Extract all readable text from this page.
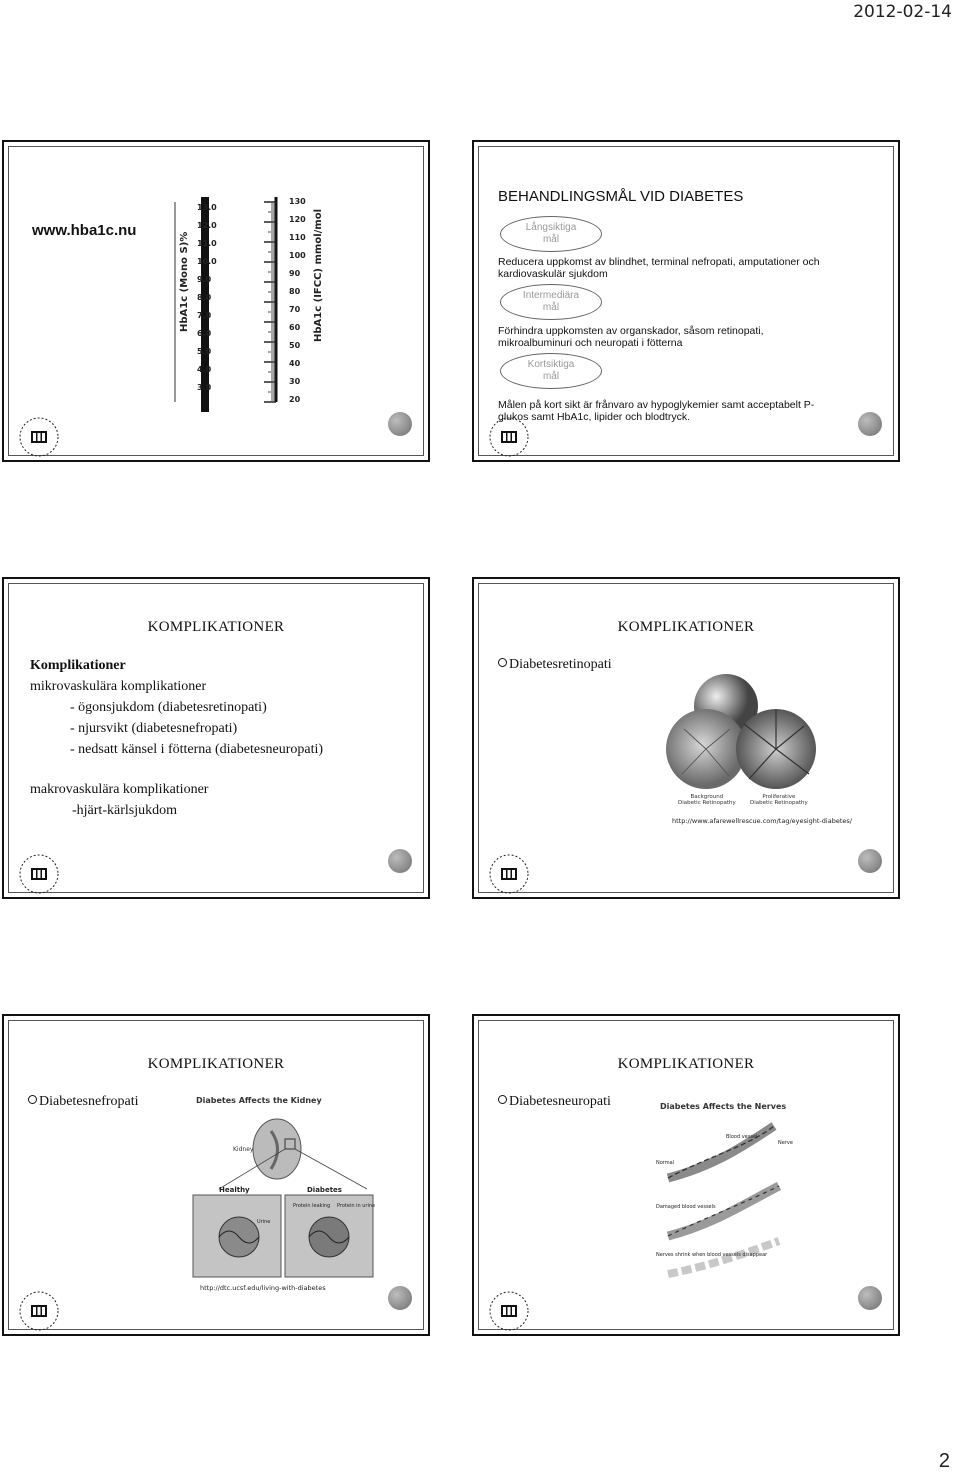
2012-02-14
www.hba1c.nu
13.0
12.0
11.0
10.0
9.0
8.0
7.0
6.0
5.0
4.0
3.0
130
120
110
100
90
80
70
60
50
40
30
20
HbA1c (Mono S)%	HbA1c (IFCC) mmol/mol
BEHANDLINGSMÅL VID DIABETES
Långsiktiga
mål
Reducera uppkomst av blindhet, terminal nefropati, amputationer och
kardiovaskulär sjukdom
Intermediära
mål
Förhindra uppkomsten av organskador, såsom retinopati,
mikroalbuminuri och neuropati i fötterna
Kortsiktiga
mål
Målen på kort sikt är frånvaro av hypoglykemier samt acceptabelt P-
glukos samt HbA1c, lipider och blodtryck.
KOMPLIKATIONER
Komplikationer
mikrovaskulära komplikationer
- ögonsjukdom (diabetesretinopati)
- njursvikt (diabetesnefropati)
- nedsatt känsel i fötterna (diabetesneuropati)
makrovaskulära komplikationer
-hjärt-kärlsjukdom
KOMPLIKATIONER
Diabetesretinopati
Background
Diabetic Retinopathy
Proliferative
Diabetic Retinopathy
http://www.afarewellrescue.com/tag/eyesight-diabetes/
KOMPLIKATIONER
Diabetesnefropati	Diabetes Affects the Kidney
Kidney
Healthy	Diabetes
Urine
Protein leaking Protein in urine
http://dtc.ucsf.edu/living-with-diabetes
KOMPLIKATIONER
Diabetesneuropati	Diabetes Affects the Nerves
Blood vessel
Nerve
Normal
Damaged blood vessels
Nerves shrink when blood vessels disappear
2
